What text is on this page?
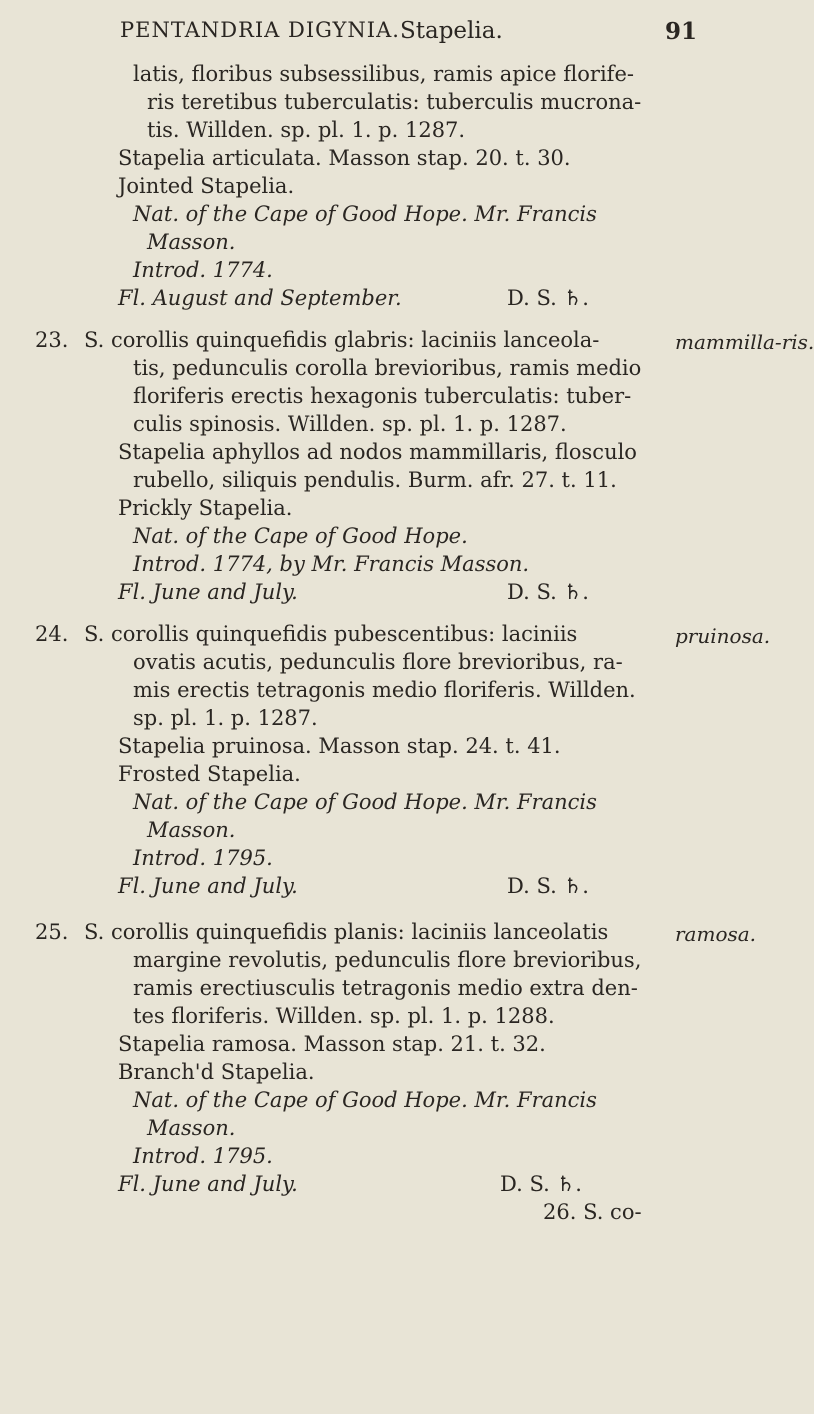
PENTANDRIA DIGYNIA. Stapelia.	91
latis, floribus subsessilibus, ramis apice florife-
ris teretibus tuberculatis: tuberculis mucrona-
tis. Willden. sp. pl. 1. p. 1287.
Stapelia articulata. Masson stap. 20. t. 30.
Jointed Stapelia.
Nat. of the Cape of Good Hope. Mr. Francis
Masson.
Introd. 1774.
Fl. August and September.	D. S. ♄.
23.	mammilla-ris.
S. corollis quinquefidis glabris: laciniis lanceola-
tis, pedunculis corolla brevioribus, ramis medio
floriferis erectis hexagonis tuberculatis: tuber-
culis spinosis. Willden. sp. pl. 1. p. 1287.
Stapelia aphyllos ad nodos mammillaris, flosculo
rubello, siliquis pendulis. Burm. afr. 27. t. 11.
Prickly Stapelia.
Nat. of the Cape of Good Hope.
Introd. 1774, by Mr. Francis Masson.
Fl. June and July.	D. S. ♄.
24.	pruinosa.
S. corollis quinquefidis pubescentibus: laciniis
ovatis acutis, pedunculis flore brevioribus, ra-
mis erectis tetragonis medio floriferis. Willden.
sp. pl. 1. p. 1287.
Stapelia pruinosa. Masson stap. 24. t. 41.
Frosted Stapelia.
Nat. of the Cape of Good Hope. Mr. Francis
Masson.
Introd. 1795.
Fl. June and July.	D. S. ♄.
25.	ramosa.
S. corollis quinquefidis planis: laciniis lanceolatis
margine revolutis, pedunculis flore brevioribus,
ramis erectiusculis tetragonis medio extra den-
tes floriferis. Willden. sp. pl. 1. p. 1288.
Stapelia ramosa. Masson stap. 21. t. 32.
Branch'd Stapelia.
Nat. of the Cape of Good Hope. Mr. Francis
Masson.
Introd. 1795.
Fl. June and July.	D. S. ♄.
26. S. co-
